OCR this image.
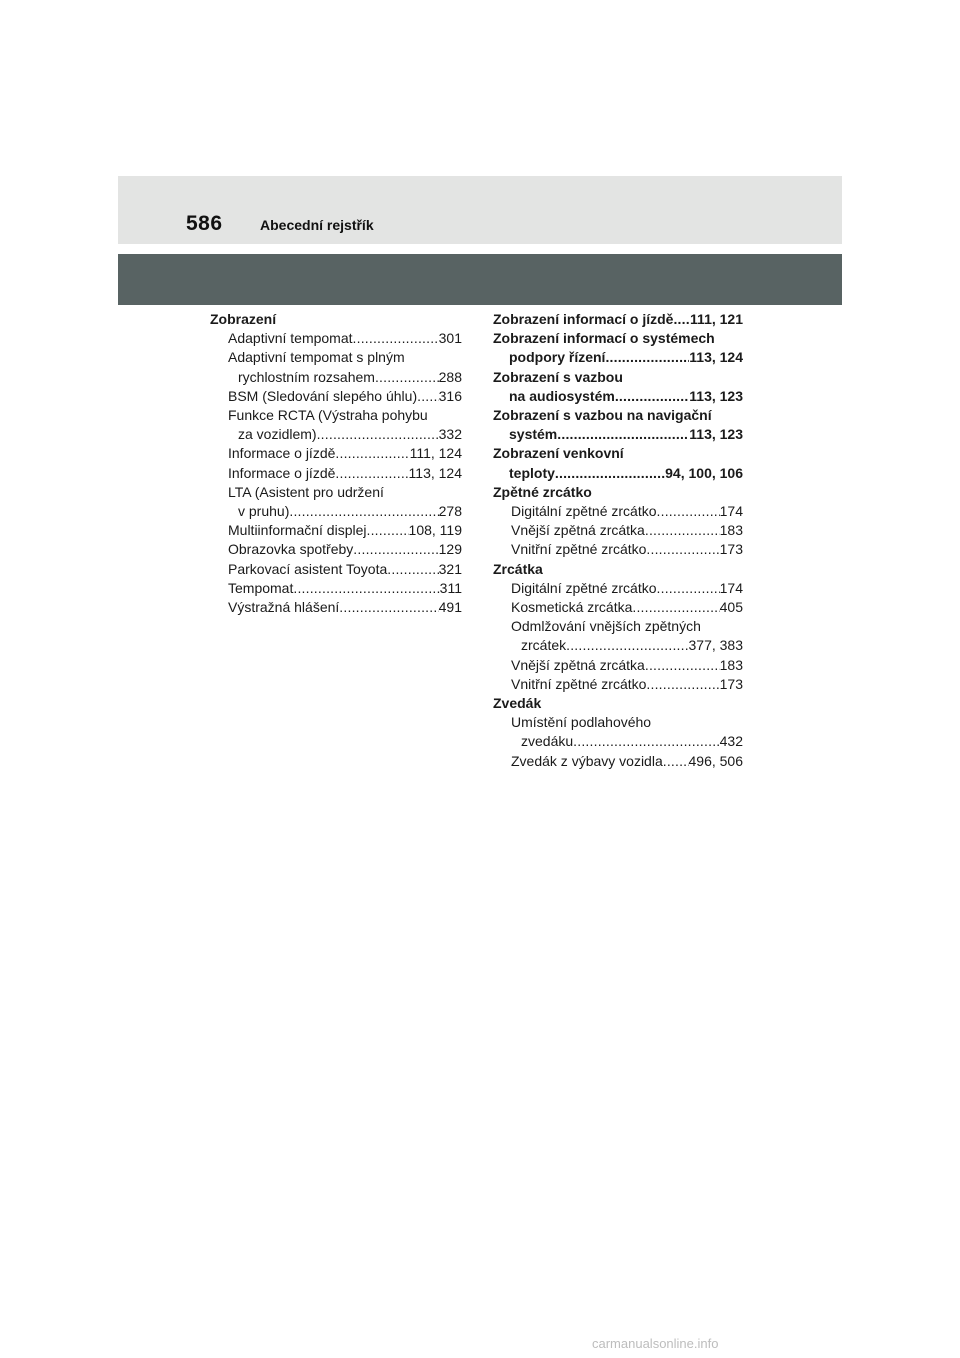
586	Abecední rejstřík
Zobrazení
Adaptivní tempomat .....	301
Adaptivní tempomat s plným
rychlostním rozsahem .....	288
BSM (Sledování slepého úhlu) ..... 316
Funkce RCTA (Výstraha pohybu
za vozidlem) .....	332
Informace o jízdě .....	111, 124
Informace o jízdě .....	113, 124
LTA (Asistent pro udržení
v pruhu) .....	278
Multiinformační displej .....	108, 119
Obrazovka spotřeby .....	129
Parkovací asistent Toyota .....	321
Tempomat .....	311
Výstražná hlášení .....	491
Zobrazení informací o jízdě ..... 111, 121
Zobrazení informací o systémech
podpory řízení .....	113, 124
Zobrazení s vazbou
na audiosystém .....	113, 123
Zobrazení s vazbou na navigační
systém .....	113, 123
Zobrazení venkovní
teploty .....	94, 100, 106
Zpětné zrcátko
Digitální zpětné zrcátko .....	174
Vnější zpětná zrcátka .....	183
Vnitřní zpětné zrcátko .....	173
Zrcátka
Digitální zpětné zrcátko .....	174
Kosmetická zrcátka .....	405
Odmlžování vnějších zpětných
zrcátek .....	377, 383
Vnější zpětná zrcátka .....	183
Vnitřní zpětné zrcátko .....	173
Zvedák
Umístění podlahového
zvedáku .....	432
Zvedák z výbavy vozidla ..... 496, 506
carmanualsonline.info
